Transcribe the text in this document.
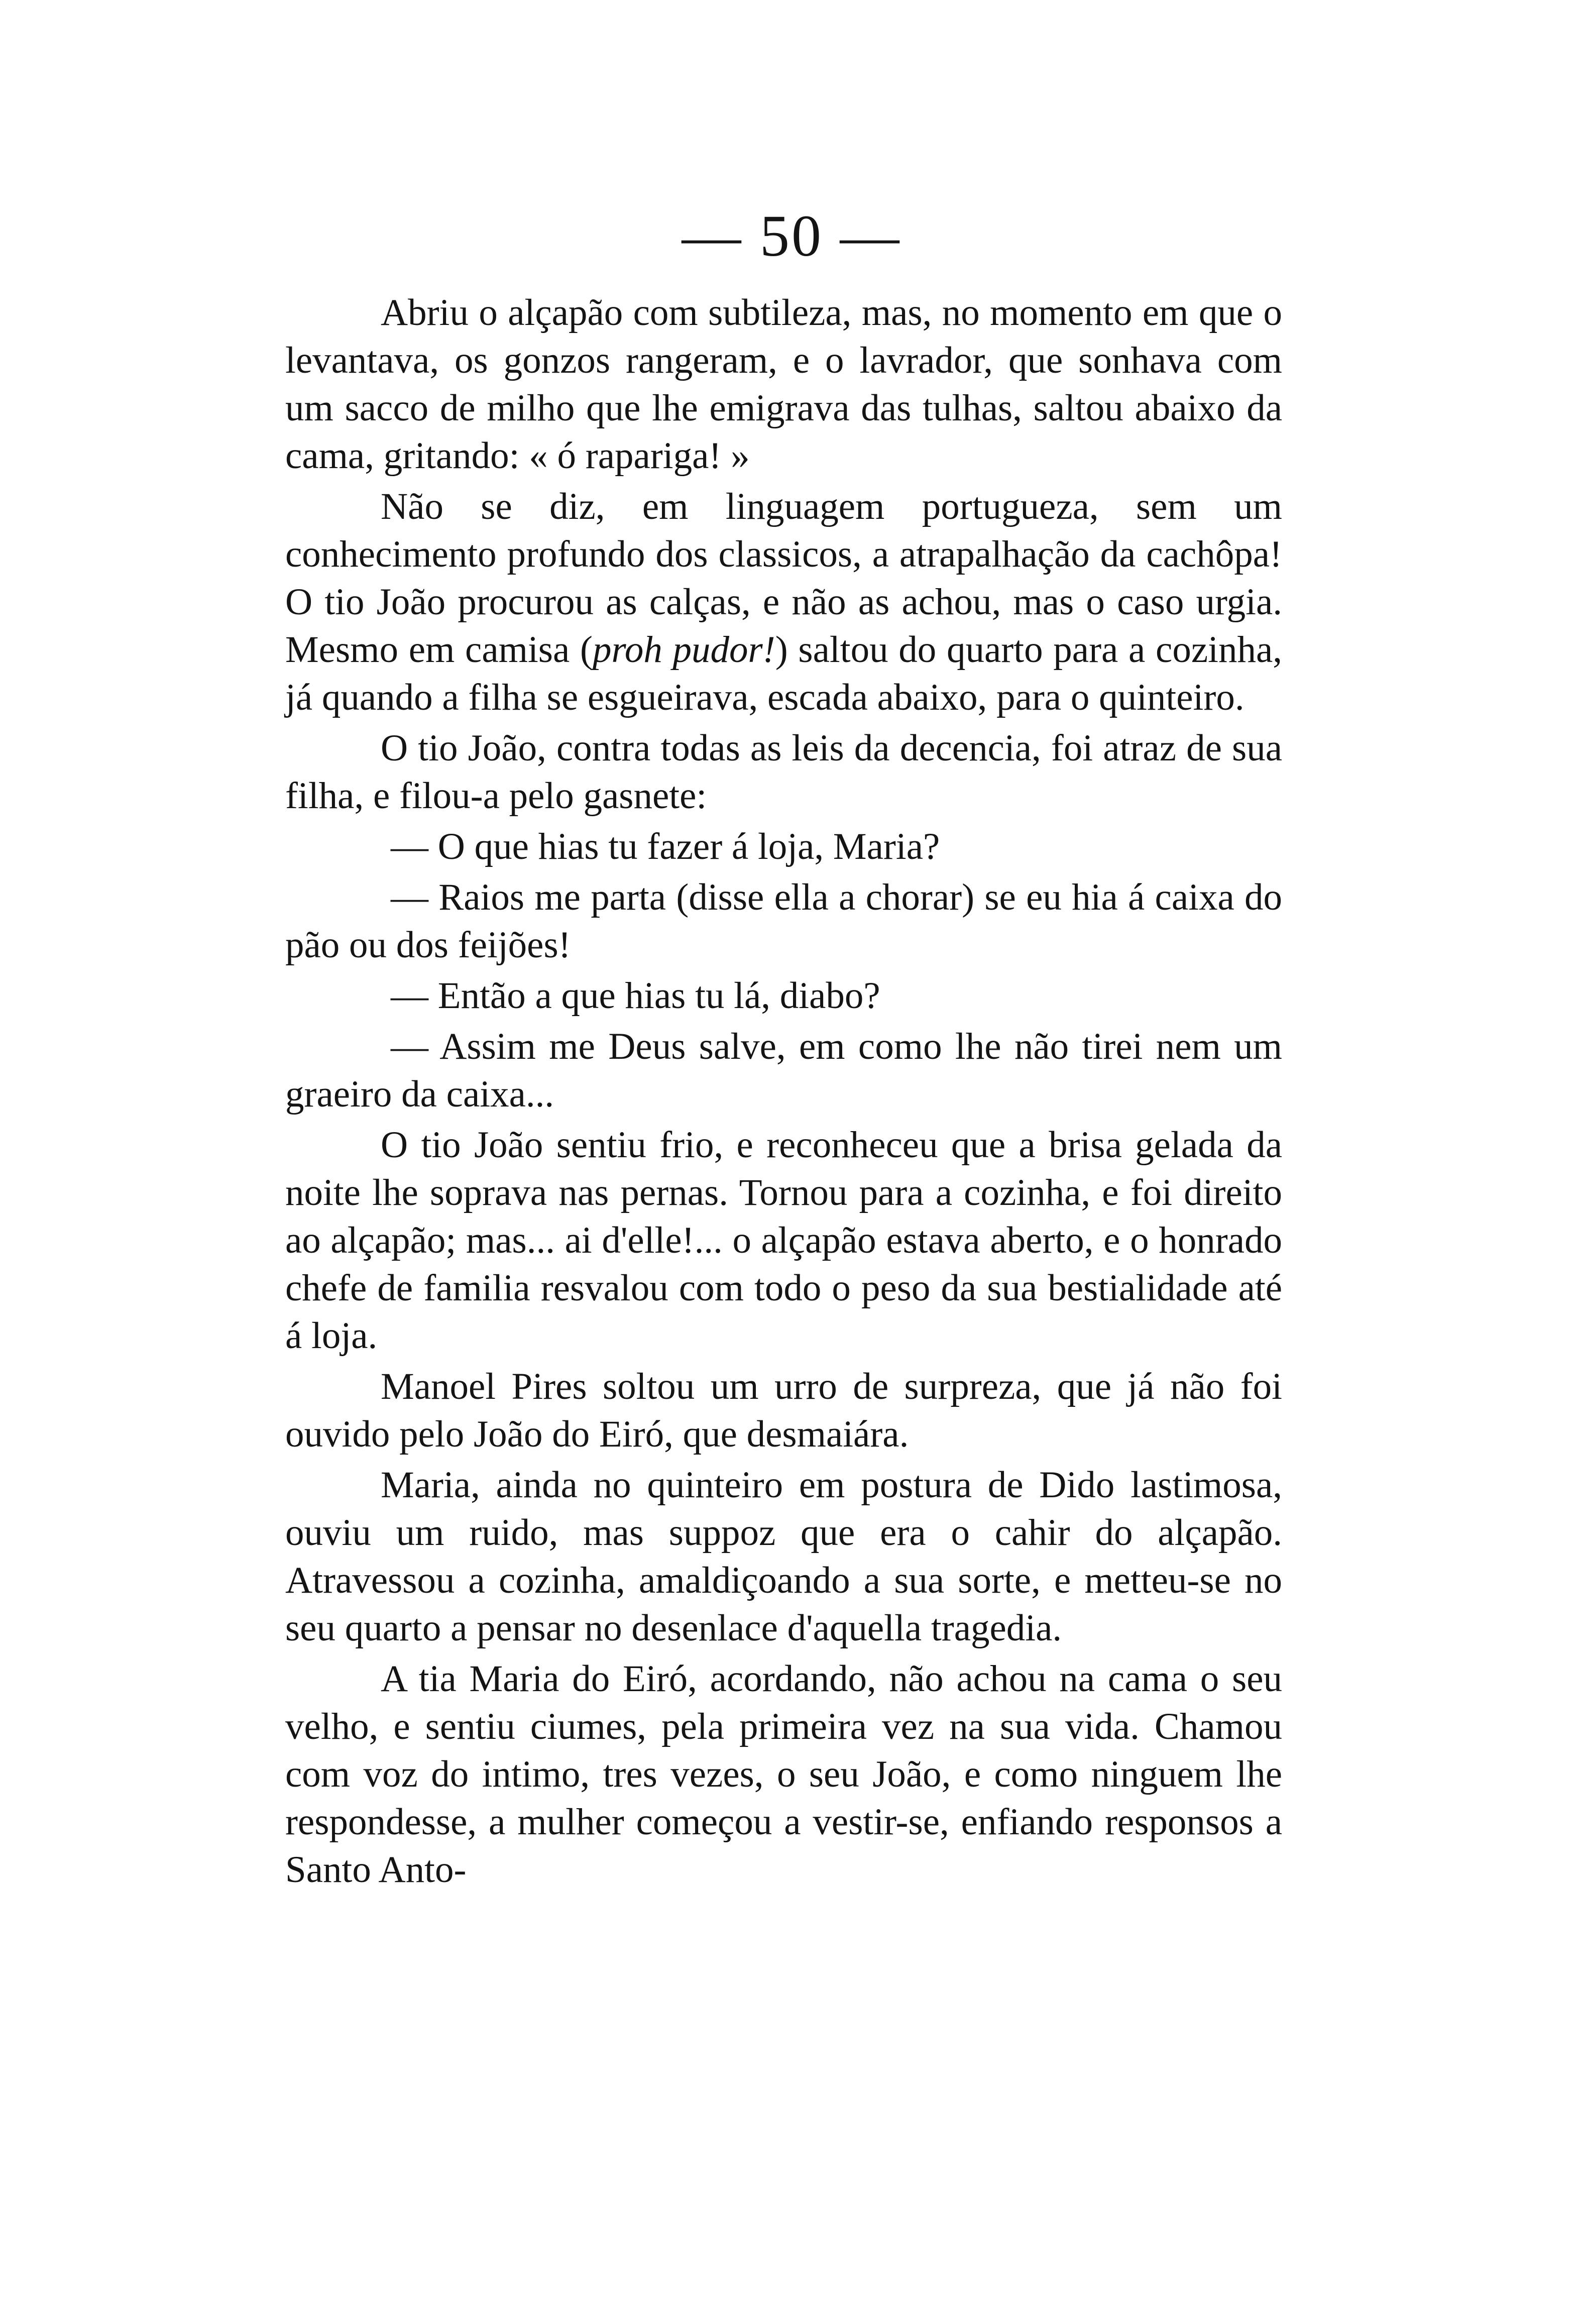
— 50 —

Abriu o alçapão com subtileza, mas, no momento em que o levantava, os gonzos rangeram, e o lavrador, que sonhava com um sacco de milho que lhe emigrava das tulhas, saltou abaixo da cama, gritando: « ó rapariga! »

Não se diz, em linguagem portugueza, sem um conhecimento profundo dos classicos, a atrapalhação da cachôpa! O tio João procurou as calças, e não as achou, mas o caso urgia. Mesmo em camisa (proh pudor!) saltou do quarto para a cozinha, já quando a filha se esgueirava, escada abaixo, para o quinteiro.

O tio João, contra todas as leis da decencia, foi atraz de sua filha, e filou-a pelo gasnete:

— O que hias tu fazer á loja, Maria?

— Raios me parta (disse ella a chorar) se eu hia á caixa do pão ou dos feijões!

— Então a que hias tu lá, diabo?

— Assim me Deus salve, em como lhe não tirei nem um graeiro da caixa...

O tio João sentiu frio, e reconheceu que a brisa gelada da noite lhe soprava nas pernas. Tornou para a cozinha, e foi direito ao alçapão; mas... ai d'elle!... o alçapão estava aberto, e o honrado chefe de familia resvalou com todo o peso da sua bestialidade até á loja.

Manoel Pires soltou um urro de surpreza, que já não foi ouvido pelo João do Eiró, que desmaiára.

Maria, ainda no quinteiro em postura de Dido lastimosa, ouviu um ruido, mas suppoz que era o cahir do alçapão. Atravessou a cozinha, amaldiçoando a sua sorte, e metteu-se no seu quarto a pensar no desenlace d'aquella tragedia.

A tia Maria do Eiró, acordando, não achou na cama o seu velho, e sentiu ciumes, pela primeira vez na sua vida. Chamou com voz do intimo, tres vezes, o seu João, e como ninguem lhe respondesse, a mulher começou a vestir-se, enfiando responsos a Santo Anto-
